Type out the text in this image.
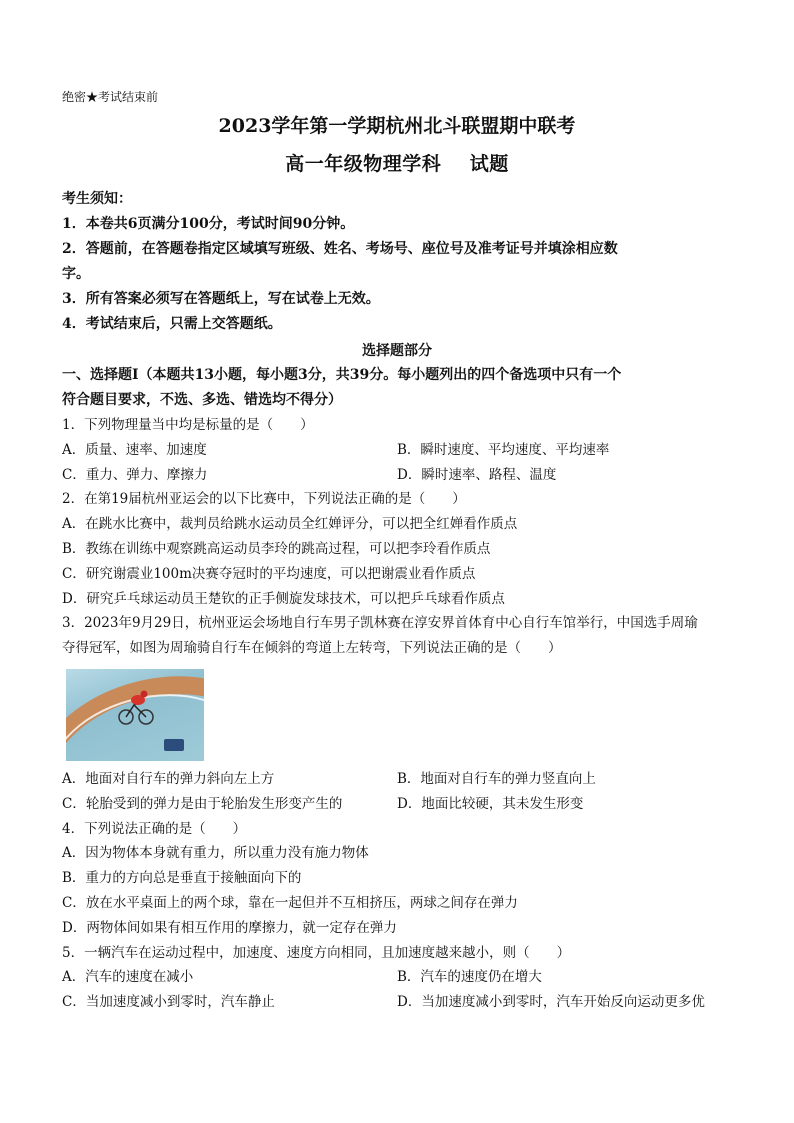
绝密★考试结束前
2023学年第一学期杭州北斗联盟期中联考
高一年级物理学科    试题
考生须知：
1．本卷共6页满分100分，考试时间90分钟。
2．答题前，在答题卷指定区域填写班级、姓名、考场号、座位号及准考证号并填涂相应数
字。
3．所有答案必须写在答题纸上，写在试卷上无效。
4．考试结束后，只需上交答题纸。
选择题部分
一、选择题Ⅰ（本题共13小题，每小题3分，共39分。每小题列出的四个备选项中只有一个
符合题目要求，不选、多选、错选均不得分）
1．下列物理量当中均是标量的是（　　）
A．质量、速率、加速度	B．瞬时速度、平均速度、平均速率
C．重力、弹力、摩擦力	D．瞬时速率、路程、温度
2．在第19届杭州亚运会的以下比赛中，下列说法正确的是（　　）
A．在跳水比赛中，裁判员给跳水运动员全红婵评分，可以把全红婵看作质点
B．教练在训练中观察跳高运动员李玲的跳高过程，可以把李玲看作质点
C．研究谢震业100m决赛夺冠时的平均速度，可以把谢震业看作质点
D．研究乒乓球运动员王楚钦的正手侧旋发球技术，可以把乒乓球看作质点
3．2023年9月29日，杭州亚运会场地自行车男子凯林赛在淳安界首体育中心自行车馆举行，中国选手周瑜
夺得冠军，如图为周瑜骑自行车在倾斜的弯道上左转弯，下列说法正确的是（　　）
A．地面对自行车的弹力斜向左上方	B．地面对自行车的弹力竖直向上
C．轮胎受到的弹力是由于轮胎发生形变产生的	D．地面比较硬，其未发生形变
4．下列说法正确的是（　　）
A．因为物体本身就有重力，所以重力没有施力物体
B．重力的方向总是垂直于接触面向下的
C．放在水平桌面上的两个球，靠在一起但并不互相挤压，两球之间存在弹力
D．两物体间如果有相互作用的摩擦力，就一定存在弹力
5．一辆汽车在运动过程中，加速度、速度方向相同，且加速度越来越小，则（　　）
A．汽车的速度在减小	B．汽车的速度仍在增大
C．当加速度减小到零时，汽车静止	D．当加速度减小到零时，汽车开始反向运动更多优
